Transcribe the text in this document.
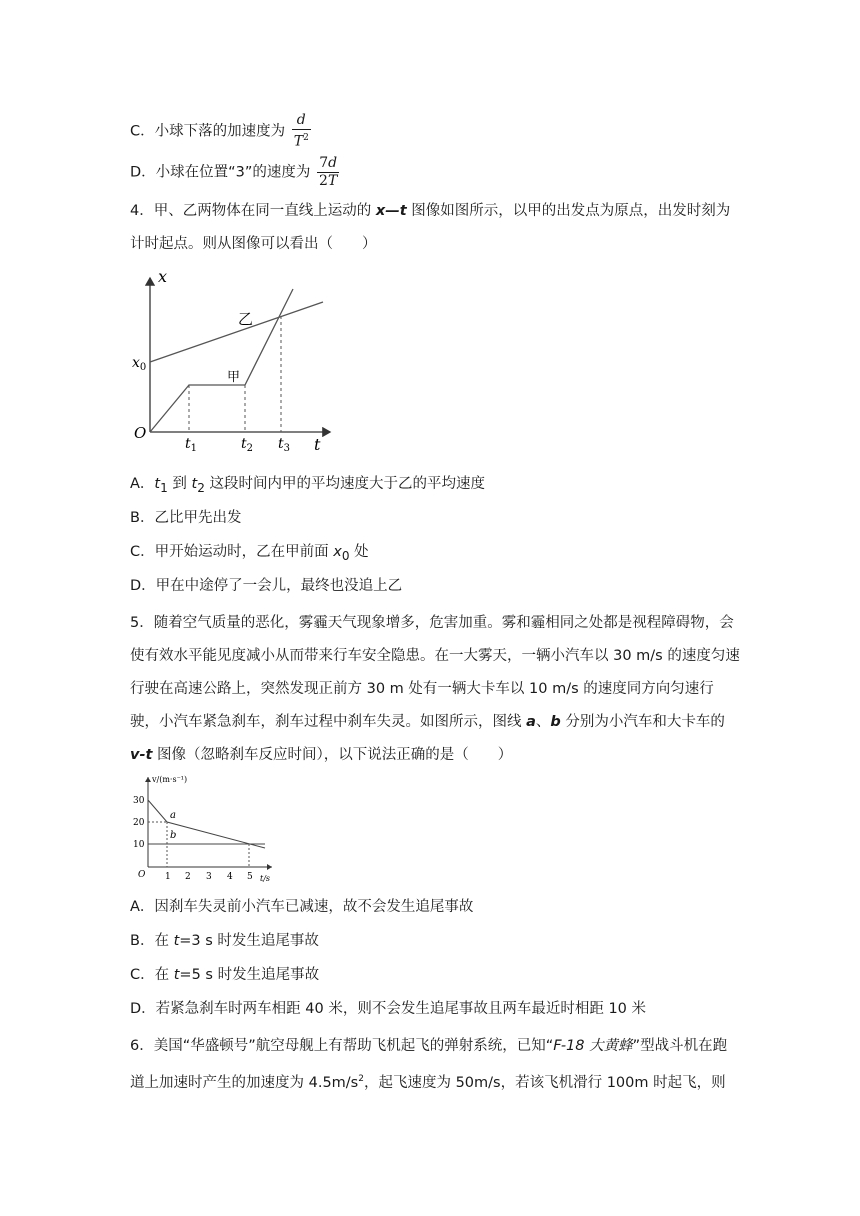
C．小球下落的加速度为 $\frac{d}{T^2}$
D．小球在位置“3”的速度为 $\frac{7d}{2T}$
4．甲、乙两物体在同一直线上运动的 x—t 图像如图所示，以甲的出发点为原点，出发时刻为计时起点。则从图像可以看出（　　）
x
t
O
$x_0$
$t_1$	$t_2$ $t_3$
甲
乙
A．$t_1$ 到 $t_2$ 这段时间内甲的平均速度大于乙的平均速度
B．乙比甲先出发
C．甲开始运动时，乙在甲前面 $x_0$ 处
D．甲在中途停了一会儿，最终也没追上乙
5．随着空气质量的恶化，雾霾天气现象增多，危害加重。雾和霾相同之处都是视程障碍物，会使有效水平能见度减小从而带来行车安全隐患。在一大雾天，一辆小汽车以 30 m/s 的速度匀速行驶在高速公路上，突然发现正前方 30 m 处有一辆大卡车以 10 m/s 的速度同方向匀速行驶，小汽车紧急刹车，刹车过程中刹车失灵。如图所示，图线 a、b 分别为小汽车和大卡车的 v-t 图像（忽略刹车反应时间），以下说法正确的是（　　）
v/(m·s⁻¹)
30
20
10
O 1 2 3 4 5 t/s
a
b
A．因刹车失灵前小汽车已减速，故不会发生追尾事故
B．在 t=3 s 时发生追尾事故
C．在 t=5 s 时发生追尾事故
D．若紧急刹车时两车相距 40 米，则不会发生追尾事故且两车最近时相距 10 米
6．美国“华盛顿号”航空母舰上有帮助飞机起飞的弹射系统，已知“F-18 大黄蜂”型战斗机在跑道上加速时产生的加速度为 $4.5m/s^2$，起飞速度为 50m/s，若该飞机滑行 100m 时起飞，则
